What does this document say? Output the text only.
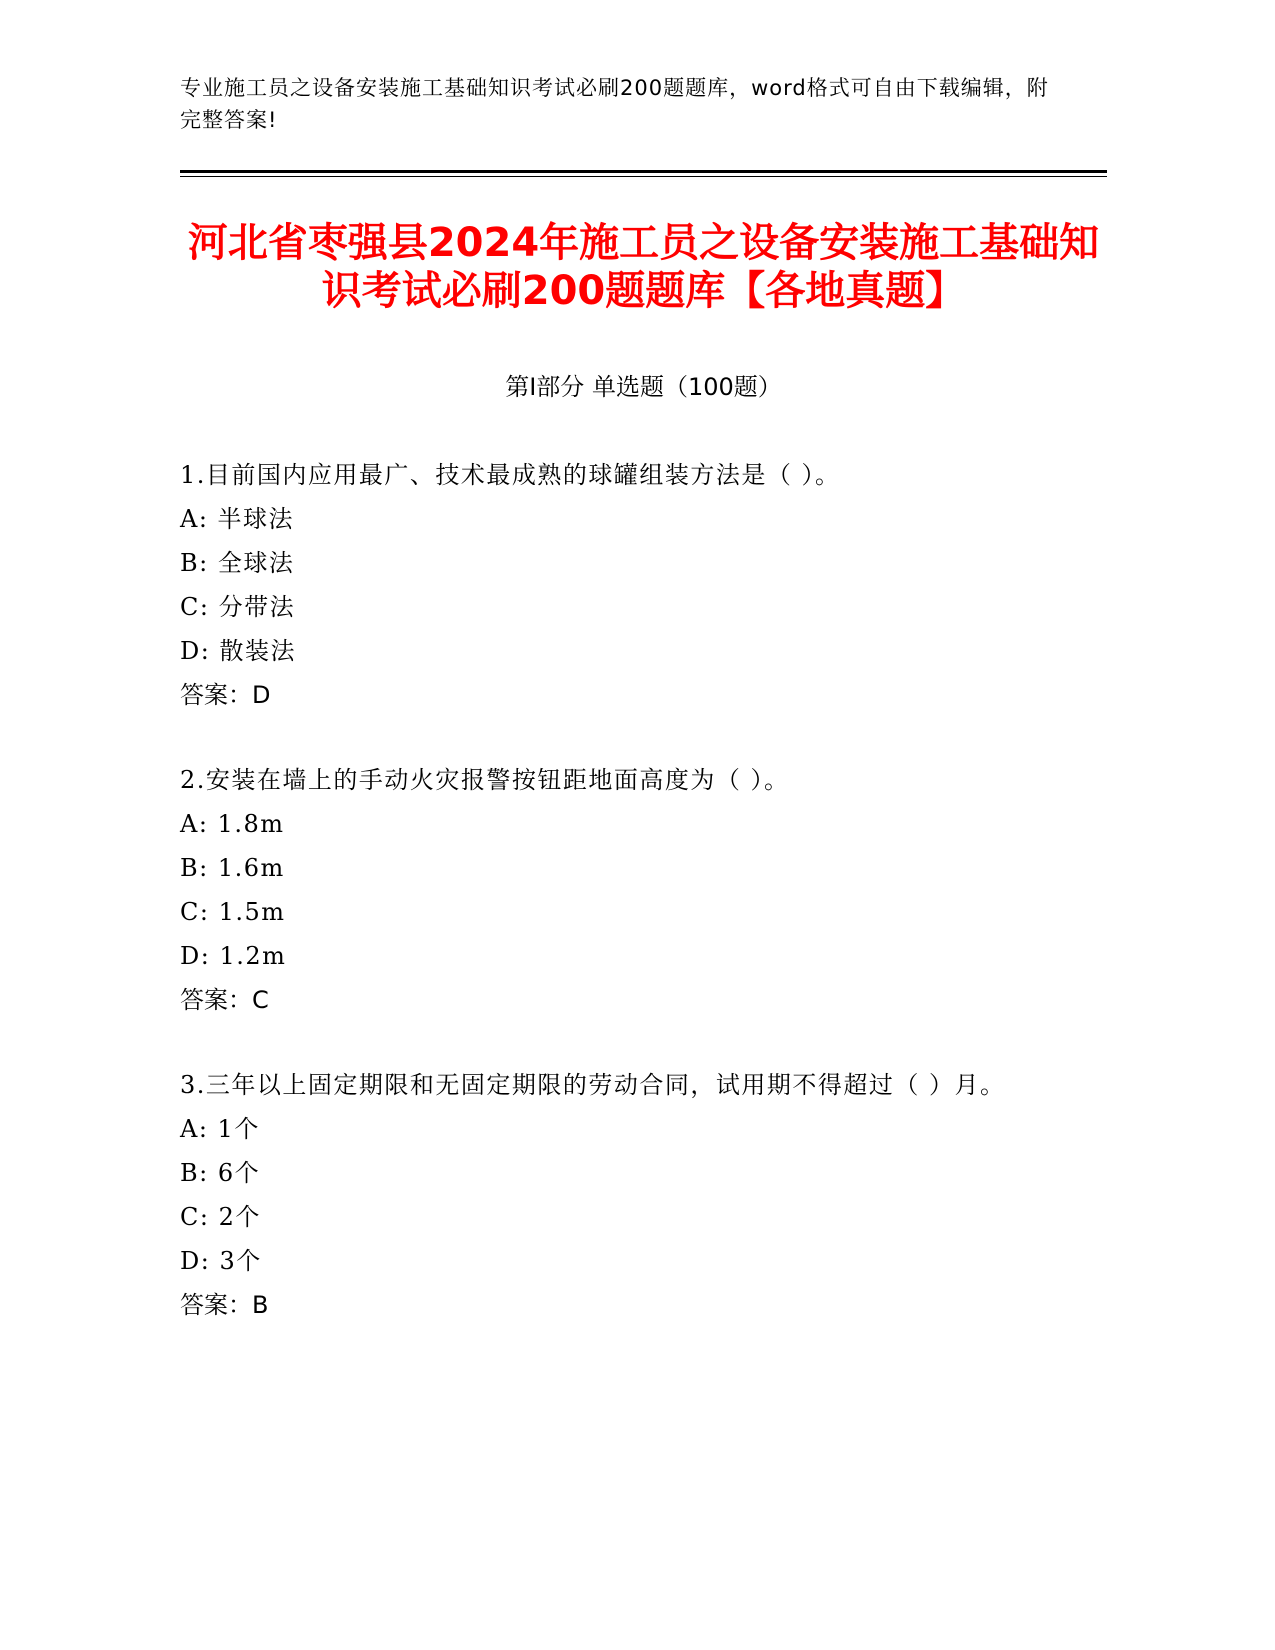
专业施工员之设备安装施工基础知识考试必刷200题题库，word格式可自由下载编辑，附完整答案!
河北省枣强县2024年施工员之设备安装施工基础知识考试必刷200题题库【各地真题】
第I部分 单选题（100题）
1.目前国内应用最广、技术最成熟的球罐组装方法是（ ）。
A: 半球法
B: 全球法
C: 分带法
D: 散装法
答案：D
2.安装在墙上的手动火灾报警按钮距地面高度为（ ）。
A: 1.8m
B: 1.6m
C: 1.5m
D: 1.2m
答案：C
3.三年以上固定期限和无固定期限的劳动合同，试用期不得超过（ ）月。
A: 1个
B: 6个
C: 2个
D: 3个
答案：B
